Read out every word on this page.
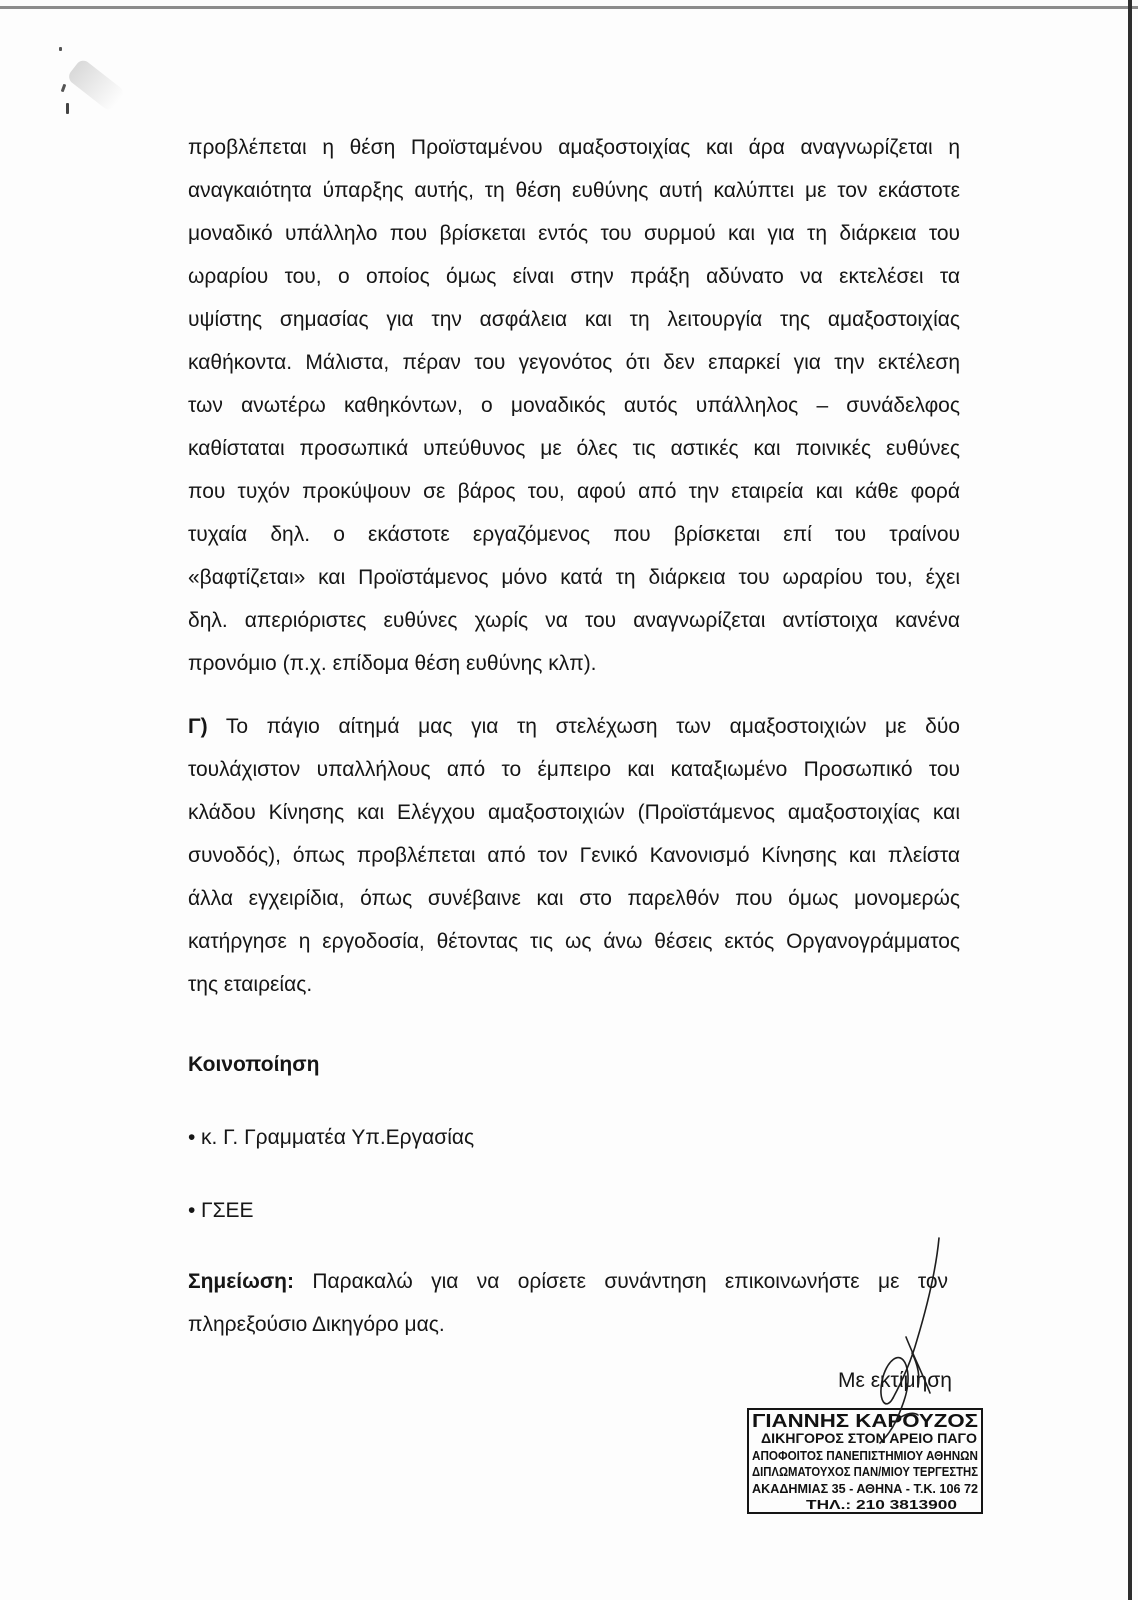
προβλέπεται η θέση Προϊσταμένου αμαξοστοιχίας και άρα αναγνωρίζεται η
αναγκαιότητα ύπαρξης αυτής, τη θέση ευθύνης αυτή καλύπτει με τον εκάστοτε
μοναδικό υπάλληλο που βρίσκεται εντός του συρμού και για τη διάρκεια του
ωραρίου του, ο οποίος όμως είναι στην πράξη αδύνατο να εκτελέσει τα
υψίστης σημασίας για την ασφάλεια και τη λειτουργία της αμαξοστοιχίας
καθήκοντα. Μάλιστα, πέραν του γεγονότος ότι δεν επαρκεί για την εκτέλεση
των ανωτέρω καθηκόντων, ο μοναδικός αυτός υπάλληλος – συνάδελφος
καθίσταται προσωπικά υπεύθυνος με όλες τις αστικές και ποινικές ευθύνες
που τυχόν προκύψουν σε βάρος του, αφού από την εταιρεία και κάθε φορά
τυχαία δηλ. ο εκάστοτε εργαζόμενος που βρίσκεται επί του τραίνου
«βαφτίζεται» και Προϊστάμενος μόνο κατά τη διάρκεια του ωραρίου του, έχει
δηλ. απεριόριστες ευθύνες χωρίς να του αναγνωρίζεται αντίστοιχα κανένα
προνόμιο (π.χ. επίδομα θέση ευθύνης κλπ).
Γ) Το πάγιο αίτημά μας για τη στελέχωση των αμαξοστοιχιών με δύο
τουλάχιστον υπαλλήλους από το έμπειρο και καταξιωμένο Προσωπικό του
κλάδου Κίνησης και Ελέγχου αμαξοστοιχιών (Προϊστάμενος αμαξοστοιχίας και
συνοδός), όπως προβλέπεται από τον Γενικό Κανονισμό Κίνησης και πλείστα
άλλα εγχειρίδια, όπως συνέβαινε και στο παρελθόν που όμως μονομερώς
κατήργησε η εργοδοσία, θέτοντας τις ως άνω θέσεις εκτός Οργανογράμματος
της εταιρείας.
Κοινοποίηση
• κ. Γ. Γραμματέα Υπ.Εργασίας
• ΓΣΕΕ
Σημείωση: Παρακαλώ για να ορίσετε συνάντηση επικοινωνήστε με τον
πληρεξούσιο Δικηγόρο μας.
Με εκτίμηση
ΓΙΑΝΝΗΣ ΚΑΡΟΥΖΟΣ
ΔΙΚΗΓΟΡΟΣ ΣΤΟΝ ΑΡΕΙΟ ΠΑΓΟ
ΑΠΟΦΟΙΤΟΣ ΠΑΝΕΠΙΣΤΗΜΙΟΥ ΑΘΗΝΩΝ
ΔΙΠΛΩΜΑΤΟΥΧΟΣ ΠΑΝ/ΜΙΟΥ ΤΕΡΓΕΣΤΗΣ
ΑΚΑΔΗΜΙΑΣ 35 - ΑΘΗΝΑ - Τ.Κ. 106 72
ΤΗΛ.: 210 3813900
